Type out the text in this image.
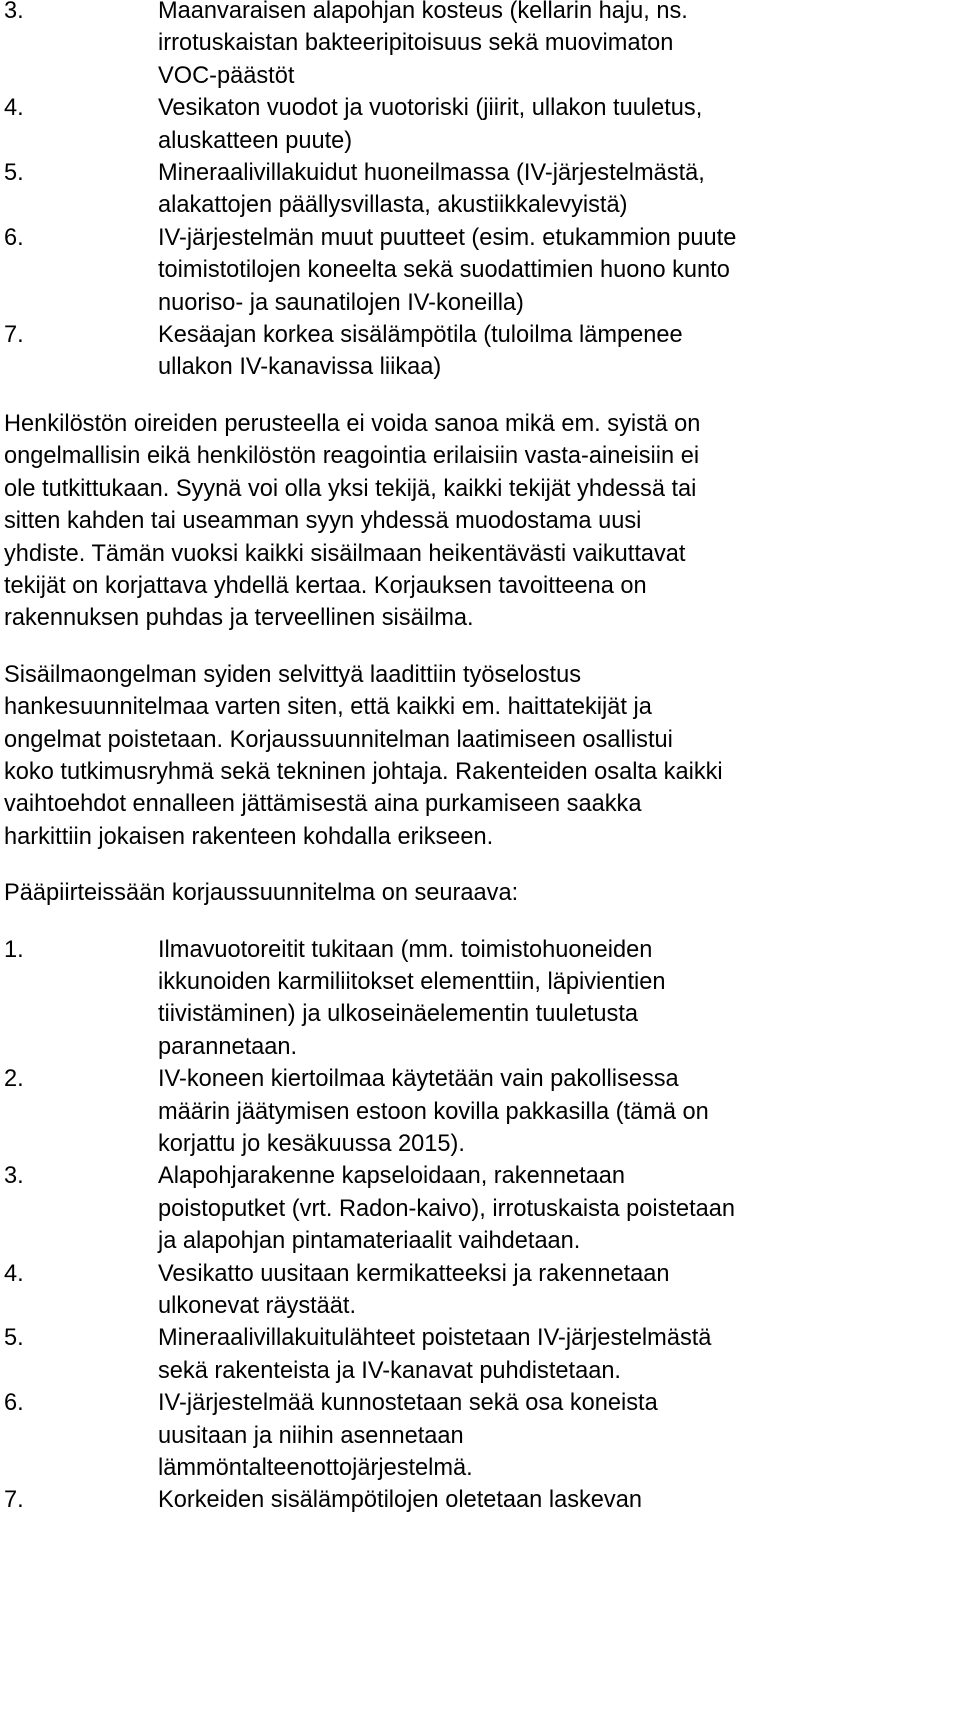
3.	Maanvaraisen alapohjan kosteus (kellarin haju, ns.
irrotuskaistan bakteeripitoisuus sekä muovimaton
VOC-päästöt
4.	Vesikaton vuodot ja vuotoriski (jiirit, ullakon tuuletus,
aluskatteen puute)
5.	Mineraalivillakuidut huoneilmassa (IV-järjestelmästä,
alakattojen päällysvillasta, akustiikkalevyistä)
6.	IV-järjestelmän muut puutteet (esim. etukammion puute
toimistotilojen koneelta sekä suodattimien huono kunto
nuoriso- ja saunatilojen IV-koneilla)
7.	Kesäajan korkea sisälämpötila (tuloilma lämpenee
ullakon IV-kanavissa liikaa)
Henkilöstön oireiden perusteella ei voida sanoa mikä em. syistä on
ongelmallisin eikä henkilöstön reagointia erilaisiin vasta-aineisiin ei
ole tutkittukaan. Syynä voi olla yksi tekijä, kaikki tekijät yhdessä tai
sitten kahden tai useamman syyn yhdessä muodostama uusi
yhdiste. Tämän vuoksi kaikki sisäilmaan heikentävästi vaikuttavat
tekijät on korjattava yhdellä kertaa. Korjauksen tavoitteena on
rakennuksen puhdas ja terveellinen sisäilma.
Sisäilmaongelman syiden selvittyä laadittiin työselostus
hankesuunnitelmaa varten siten, että kaikki em. haittatekijät ja
ongelmat poistetaan. Korjaussuunnitelman laatimiseen osallistui
koko tutkimusryhmä sekä tekninen johtaja. Rakenteiden osalta kaikki
vaihtoehdot ennalleen jättämisestä aina purkamiseen saakka
harkittiin jokaisen rakenteen kohdalla erikseen.
Pääpiirteissään korjaussuunnitelma on seuraava:
1.	Ilmavuotoreitit tukitaan (mm. toimistohuoneiden
ikkunoiden karmiliitokset elementtiin, läpivientien
tiivistäminen) ja ulkoseinäelementin tuuletusta
parannetaan.
2.	IV-koneen kiertoilmaa käytetään vain pakollisessa
määrin jäätymisen estoon kovilla pakkasilla (tämä on
korjattu jo kesäkuussa 2015).
3.	Alapohjarakenne kapseloidaan, rakennetaan
poistoputket (vrt. Radon-kaivo), irrotuskaista poistetaan
ja alapohjan pintamateriaalit vaihdetaan.
4.	Vesikatto uusitaan kermikatteeksi ja rakennetaan
ulkonevat räystäät.
5.	Mineraalivillakuitulähteet poistetaan IV-järjestelmästä
sekä rakenteista ja IV-kanavat puhdistetaan.
6.	IV-järjestelmää kunnostetaan sekä osa koneista
uusitaan ja niihin asennetaan
lämmöntalteenottojärjestelmä.
7.	Korkeiden sisälämpötilojen oletetaan laskevan
